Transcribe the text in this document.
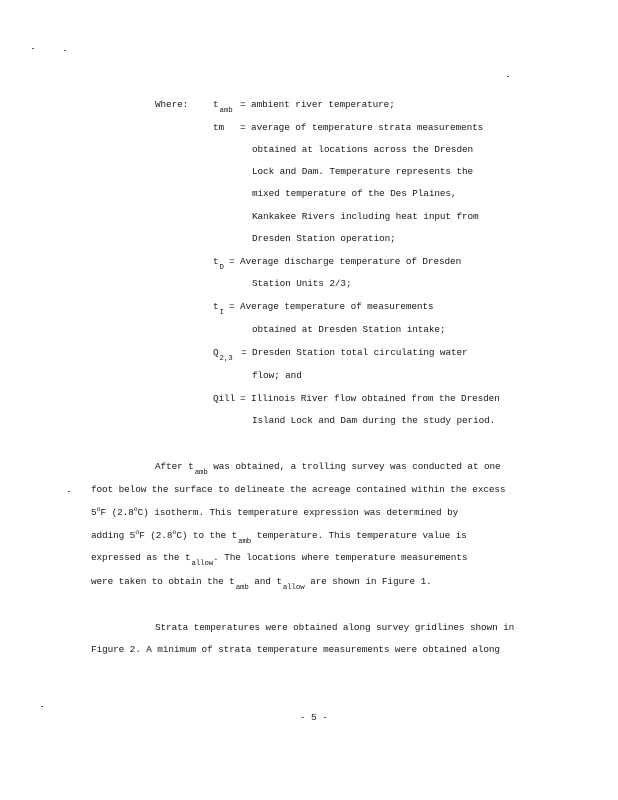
Where:	$t_{amb}$
= ambient river temperature;
tm = average of temperature strata measurements
obtained at locations across the Dresden
Lock and Dam. Temperature represents the
mixed temperature of the Des Plaines,
Kankakee Rivers including heat input from
Dresden Station operation;
$t_D$
= Average discharge temperature of Dresden
Station Units 2/3;
$t_I$
= Average temperature of measurements
obtained at Dresden Station intake;
$Q_{2,3}$
= Dresden Station total circulating water
flow; and
Qill = Illinois River flow obtained from the Dresden
Island Lock and Dam during the study period.
After $t_{amb}$ was obtained, a trolling survey was conducted at one
foot below the surface to delineate the acreage contained within the excess
5$^o$F (2.8$^o$C) isotherm. This temperature expression was determined by
adding 5$^o$F (2.8$^o$C) to the $t_{amb}$ temperature. This temperature value is
expressed as the $t_{allow}$. The locations where temperature measurements
were taken to obtain the $t_{amb}$ and $t_{allow}$ are shown in Figure 1.
Strata temperatures were obtained along survey gridlines shown in
Figure 2. A minimum of strata temperature measurements were obtained along
- 5 -
